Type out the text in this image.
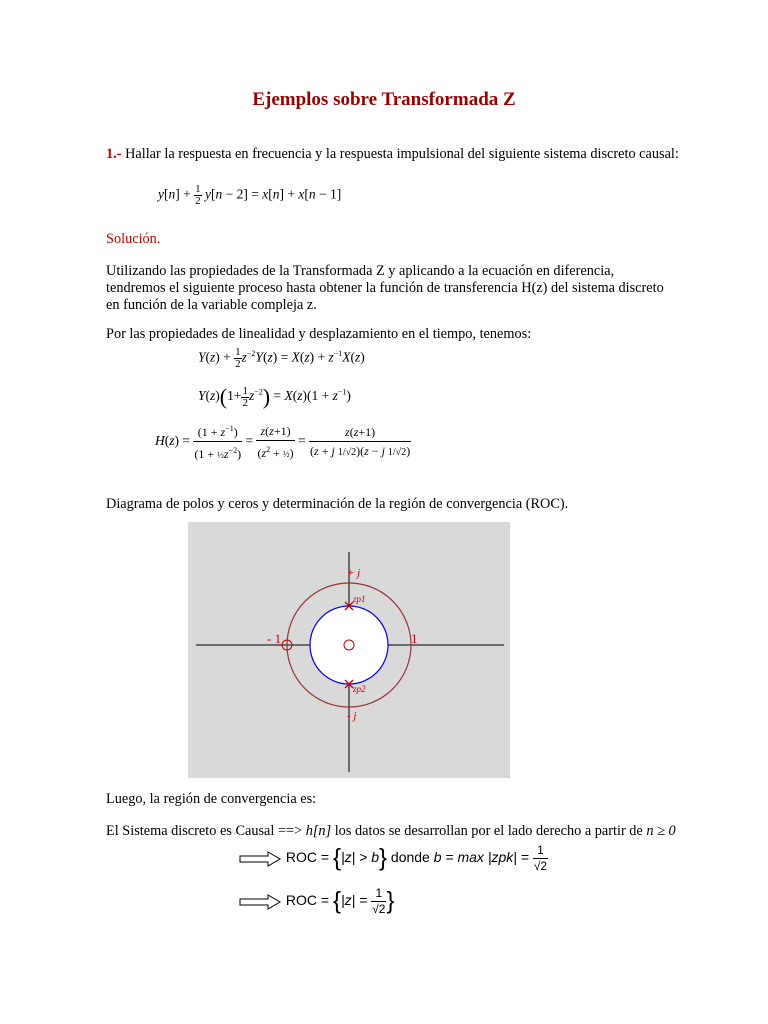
Ejemplos sobre Transformada Z
1.- Hallar la respuesta en frecuencia y la respuesta impulsional del siguiente sistema discreto causal:
$y[n] + \frac{1}{2} y[n - 2] = x[n] + x[n - 1]$
Solución.
Utilizando las propiedades de la Transformada Z y aplicando a la ecuación en diferencia, tendremos el siguiente proceso hasta obtener la función de transferencia H(z) del sistema discreto en función de la variable compleja z.
Por las propiedades de linealidad y desplazamiento en el tiempo, tenemos:
$Y(z) + \frac{1}{2} z^{-2}Y(z) = X(z) + z^{-1}X(z)$
$Y(z)(1+ \frac{1}{2} z^{-2}) = X(z)(1 + z^{-1})$
$H(z) = \frac{(1 + z^{-1})}{(1 + \frac{1}{2}z^{-2})} = \frac{z(z+1)}{(z^2 + \frac{1}{2})} = \frac{z(z+1)}{(z + j 1/√2)(z - j 1/√2)}$
Diagrama de polos y ceros y determinación de la región de convergencia (ROC).
+ j
- j
- 1	1
zp1
zp2
Luego, la región de convergencia es:
El Sistema discreto es Causal ==> h[n] los datos se desarrollan por el lado derecho a partir de n ≥ 0
ROC = {|z| > b} donde $b = \max |zpk| = \frac{1}{√2}$
ROC = {$|z| = \frac{1}{√2}$ }
